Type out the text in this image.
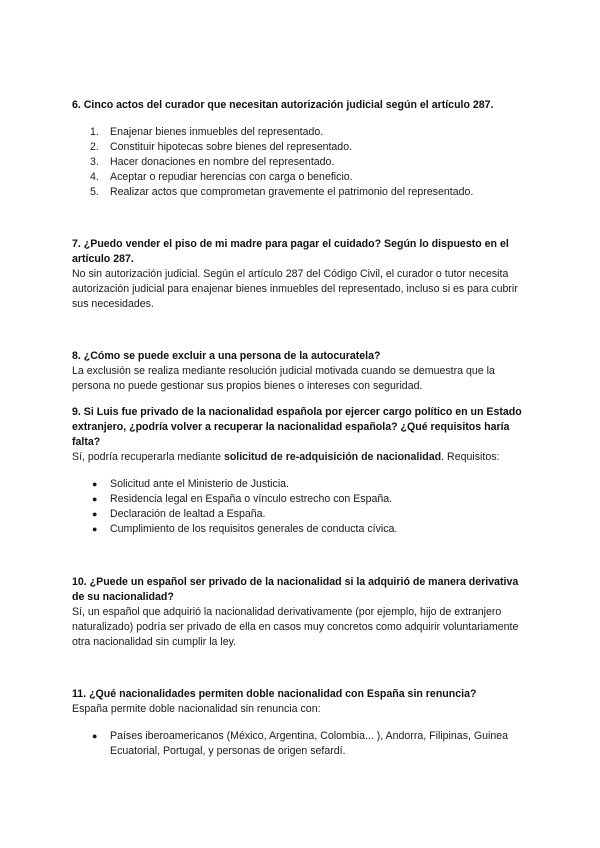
6. Cinco actos del curador que necesitan autorización judicial según el artículo 287.

1. Enajenar bienes inmuebles del representado.
2. Constituir hipotecas sobre bienes del representado.
3. Hacer donaciones en nombre del representado.
4. Aceptar o repudiar herencias con carga o beneficio.
5. Realizar actos que comprometan gravemente el patrimonio del representado.

7. ¿Puedo vender el piso de mi madre para pagar el cuidado? Según lo dispuesto en el artículo 287.

No sin autorización judicial. Según el artículo 287 del Código Civil, el curador o tutor necesita autorización judicial para enajenar bienes inmuebles del representado, incluso si es para cubrir sus necesidades.

8. ¿Cómo se puede excluir a una persona de la autocuratela?

La exclusión se realiza mediante resolución judicial motivada cuando se demuestra que la persona no puede gestionar sus propios bienes o intereses con seguridad.

9. Si Luis fue privado de la nacionalidad española por ejercer cargo político en un Estado extranjero, ¿podría volver a recuperar la nacionalidad española? ¿Qué requisitos haría falta?

Sí, podría recuperarla mediante solicitud de re-adquisición de nacionalidad. Requisitos:

● Solicitud ante el Ministerio de Justicia.
● Residencia legal en España o vínculo estrecho con España.
● Declaración de lealtad a España.
● Cumplimiento de los requisitos generales de conducta cívica.

10. ¿Puede un español ser privado de la nacionalidad si la adquirió de manera derivativa de su nacionalidad?

Sí, un español que adquirió la nacionalidad derivativamente (por ejemplo, hijo de extranjero naturalizado) podría ser privado de ella en casos muy concretos como adquirir voluntariamente otra nacionalidad sin cumplir la ley.

11. ¿Qué nacionalidades permiten doble nacionalidad con España sin renuncia?

España permite doble nacionalidad sin renuncia con:

● Países iberoamericanos (México, Argentina, Colombia... ), Andorra, Filipinas, Guinea Ecuatorial, Portugal, y personas de origen sefardí.
